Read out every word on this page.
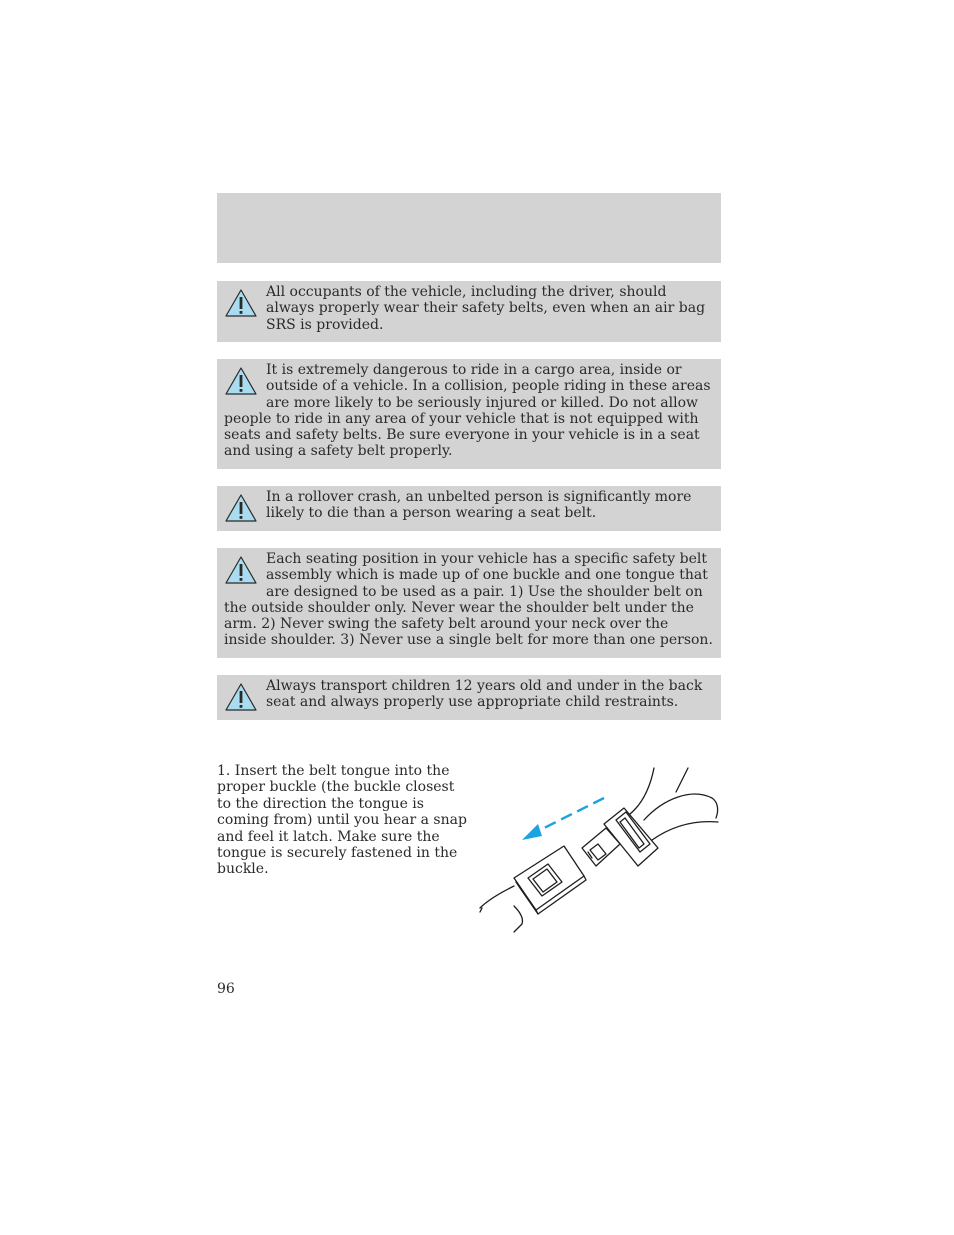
All occupants of the vehicle, including the driver, should always properly wear their safety belts, even when an air bag SRS is provided.

It is extremely dangerous to ride in a cargo area, inside or outside of a vehicle. In a collision, people riding in these areas are more likely to be seriously injured or killed. Do not allow people to ride in any area of your vehicle that is not equipped with seats and safety belts. Be sure everyone in your vehicle is in a seat and using a safety belt properly.

In a rollover crash, an unbelted person is significantly more likely to die than a person wearing a seat belt.

Each seating position in your vehicle has a specific safety belt assembly which is made up of one buckle and one tongue that are designed to be used as a pair. 1) Use the shoulder belt on the outside shoulder only. Never wear the shoulder belt under the arm. 2) Never swing the safety belt around your neck over the inside shoulder. 3) Never use a single belt for more than one person.

Always transport children 12 years old and under in the back seat and always properly use appropriate child restraints.

1. Insert the belt tongue into the proper buckle (the buckle closest to the direction the tongue is coming from) until you hear a snap and feel it latch. Make sure the tongue is securely fastened in the buckle.

96
